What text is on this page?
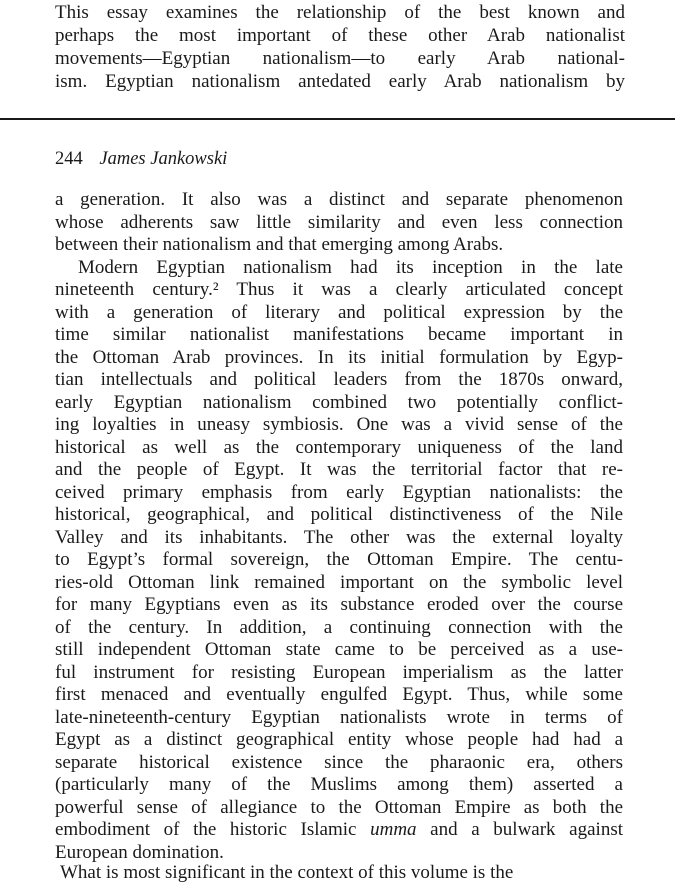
This essay examines the relationship of the best known and
perhaps the most important of these other Arab nationalist
movements—Egyptian nationalism—to early Arab national-
ism. Egyptian nationalism antedated early Arab nationalism by
244 James Jankowski
a generation. It also was a distinct and separate phenomenon
whose adherents saw little similarity and even less connection
between their nationalism and that emerging among Arabs.
Modern Egyptian nationalism had its inception in the late
nineteenth century.² Thus it was a clearly articulated concept
with a generation of literary and political expression by the
time similar nationalist manifestations became important in
the Ottoman Arab provinces. In its initial formulation by Egyp-
tian intellectuals and political leaders from the 1870s onward,
early Egyptian nationalism combined two potentially conflict-
ing loyalties in uneasy symbiosis. One was a vivid sense of the
historical as well as the contemporary uniqueness of the land
and the people of Egypt. It was the territorial factor that re-
ceived primary emphasis from early Egyptian nationalists: the
historical, geographical, and political distinctiveness of the Nile
Valley and its inhabitants. The other was the external loyalty
to Egypt’s formal sovereign, the Ottoman Empire. The centu-
ries-old Ottoman link remained important on the symbolic level
for many Egyptians even as its substance eroded over the course
of the century. In addition, a continuing connection with the
still independent Ottoman state came to be perceived as a use-
ful instrument for resisting European imperialism as the latter
first menaced and eventually engulfed Egypt. Thus, while some
late-nineteenth-century Egyptian nationalists wrote in terms of
Egypt as a distinct geographical entity whose people had had a
separate historical existence since the pharaonic era, others
(particularly many of the Muslims among them) asserted a
powerful sense of allegiance to the Ottoman Empire as both the
embodiment of the historic Islamic umma and a bulwark against
European domination.
What is most significant in the context of this volume is the
